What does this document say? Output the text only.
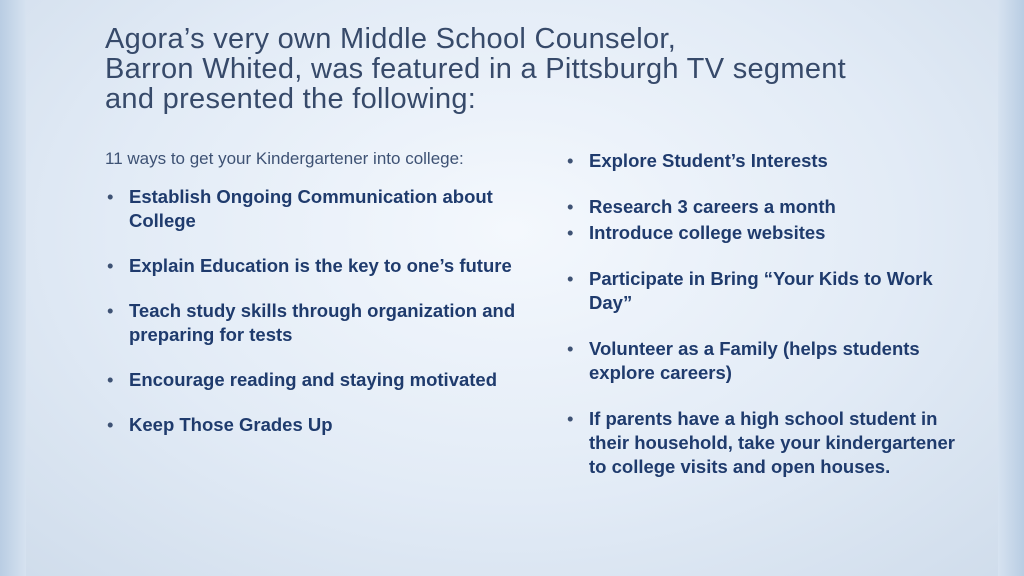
Agora’s very own Middle School Counselor,
Barron Whited, was featured in a Pittsburgh TV segment
and presented the following:

11 ways to get your Kindergartener into college:

• Establish Ongoing Communication about College
• Explain Education is the key to one’s future
• Teach study skills through organization and preparing for tests
• Encourage reading and staying motivated
• Keep Those Grades Up
• Explore Student’s Interests
• Research 3 careers a month
• Introduce college websites
• Participate in Bring “Your Kids to Work Day”
• Volunteer as a Family (helps students explore careers)
• If parents have a high school student in their household, take your kindergartener to college visits and open houses.
